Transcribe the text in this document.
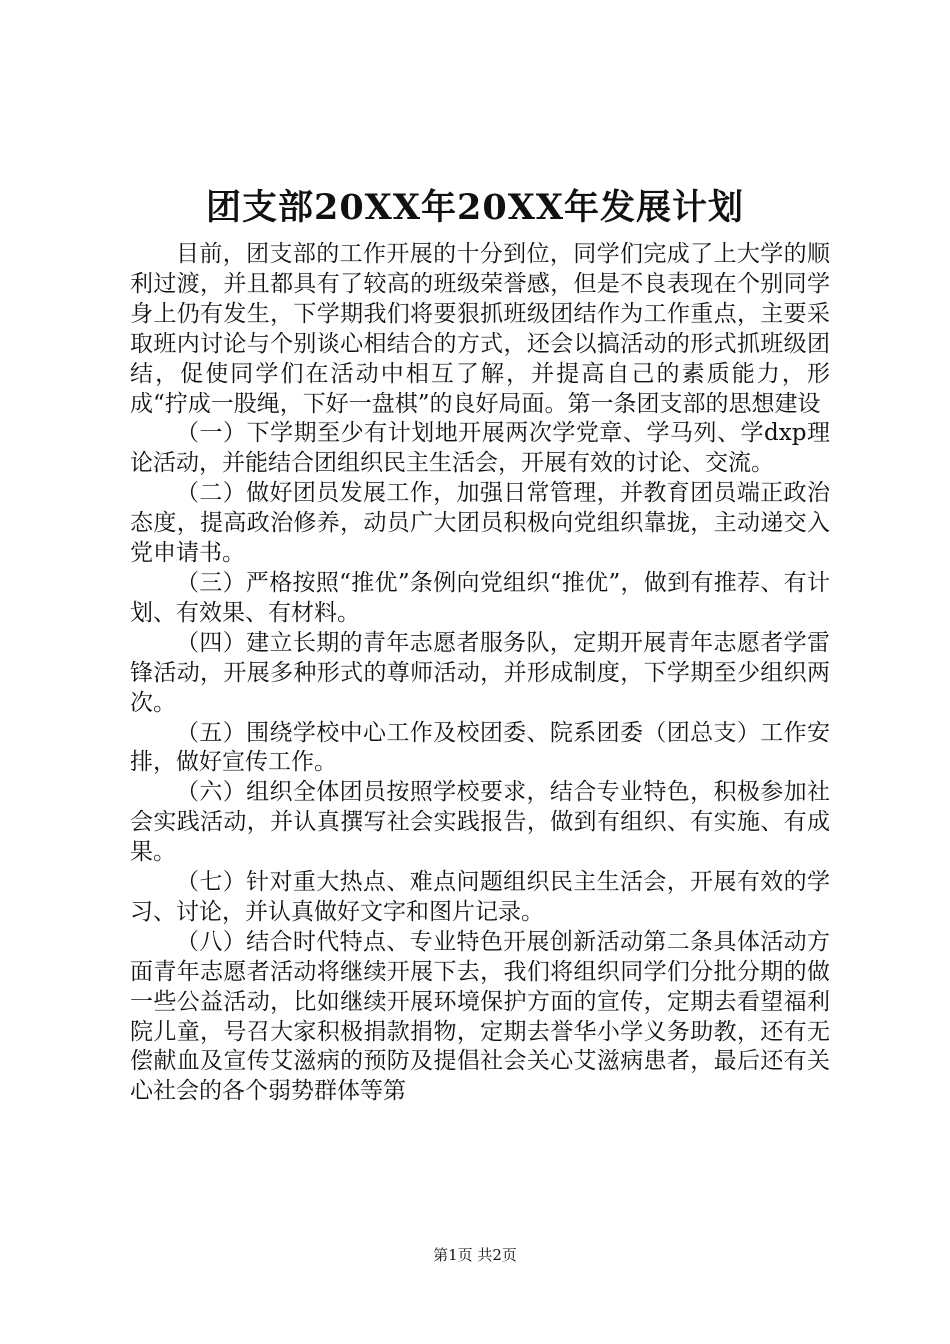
团支部20XX年20XX年发展计划

目前，团支部的工作开展的十分到位，同学们完成了上大学的顺利过渡，并且都具有了较高的班级荣誉感，但是不良表现在个别同学身上仍有发生，下学期我们将要狠抓班级团结作为工作重点，主要采取班内讨论与个别谈心相结合的方式，还会以搞活动的形式抓班级团结，促使同学们在活动中相互了解，并提高自己的素质能力，形成“拧成一股绳，下好一盘棋”的良好局面。第一条团支部的思想建设

（一）下学期至少有计划地开展两次学党章、学马列、学dxp理论活动，并能结合团组织民主生活会，开展有效的讨论、交流。

（二）做好团员发展工作，加强日常管理，并教育团员端正政治态度，提高政治修养，动员广大团员积极向党组织靠拢，主动递交入党申请书。

（三）严格按照“推优”条例向党组织“推优”，做到有推荐、有计划、有效果、有材料。

（四）建立长期的青年志愿者服务队，定期开展青年志愿者学雷锋活动，开展多种形式的尊师活动，并形成制度，下学期至少组织两次。

（五）围绕学校中心工作及校团委、院系团委（团总支）工作安排，做好宣传工作。

（六）组织全体团员按照学校要求，结合专业特色，积极参加社会实践活动，并认真撰写社会实践报告，做到有组织、有实施、有成果。

（七）针对重大热点、难点问题组织民主生活会，开展有效的学习、讨论，并认真做好文字和图片记录。

（八）结合时代特点、专业特色开展创新活动第二条具体活动方面青年志愿者活动将继续开展下去，我们将组织同学们分批分期的做一些公益活动，比如继续开展环境保护方面的宣传，定期去看望福利院儿童，号召大家积极捐款捐物，定期去誉华小学义务助教，还有无偿献血及宣传艾滋病的预防及提倡社会关心艾滋病患者，最后还有关心社会的各个弱势群体等第

第1页 共2页
